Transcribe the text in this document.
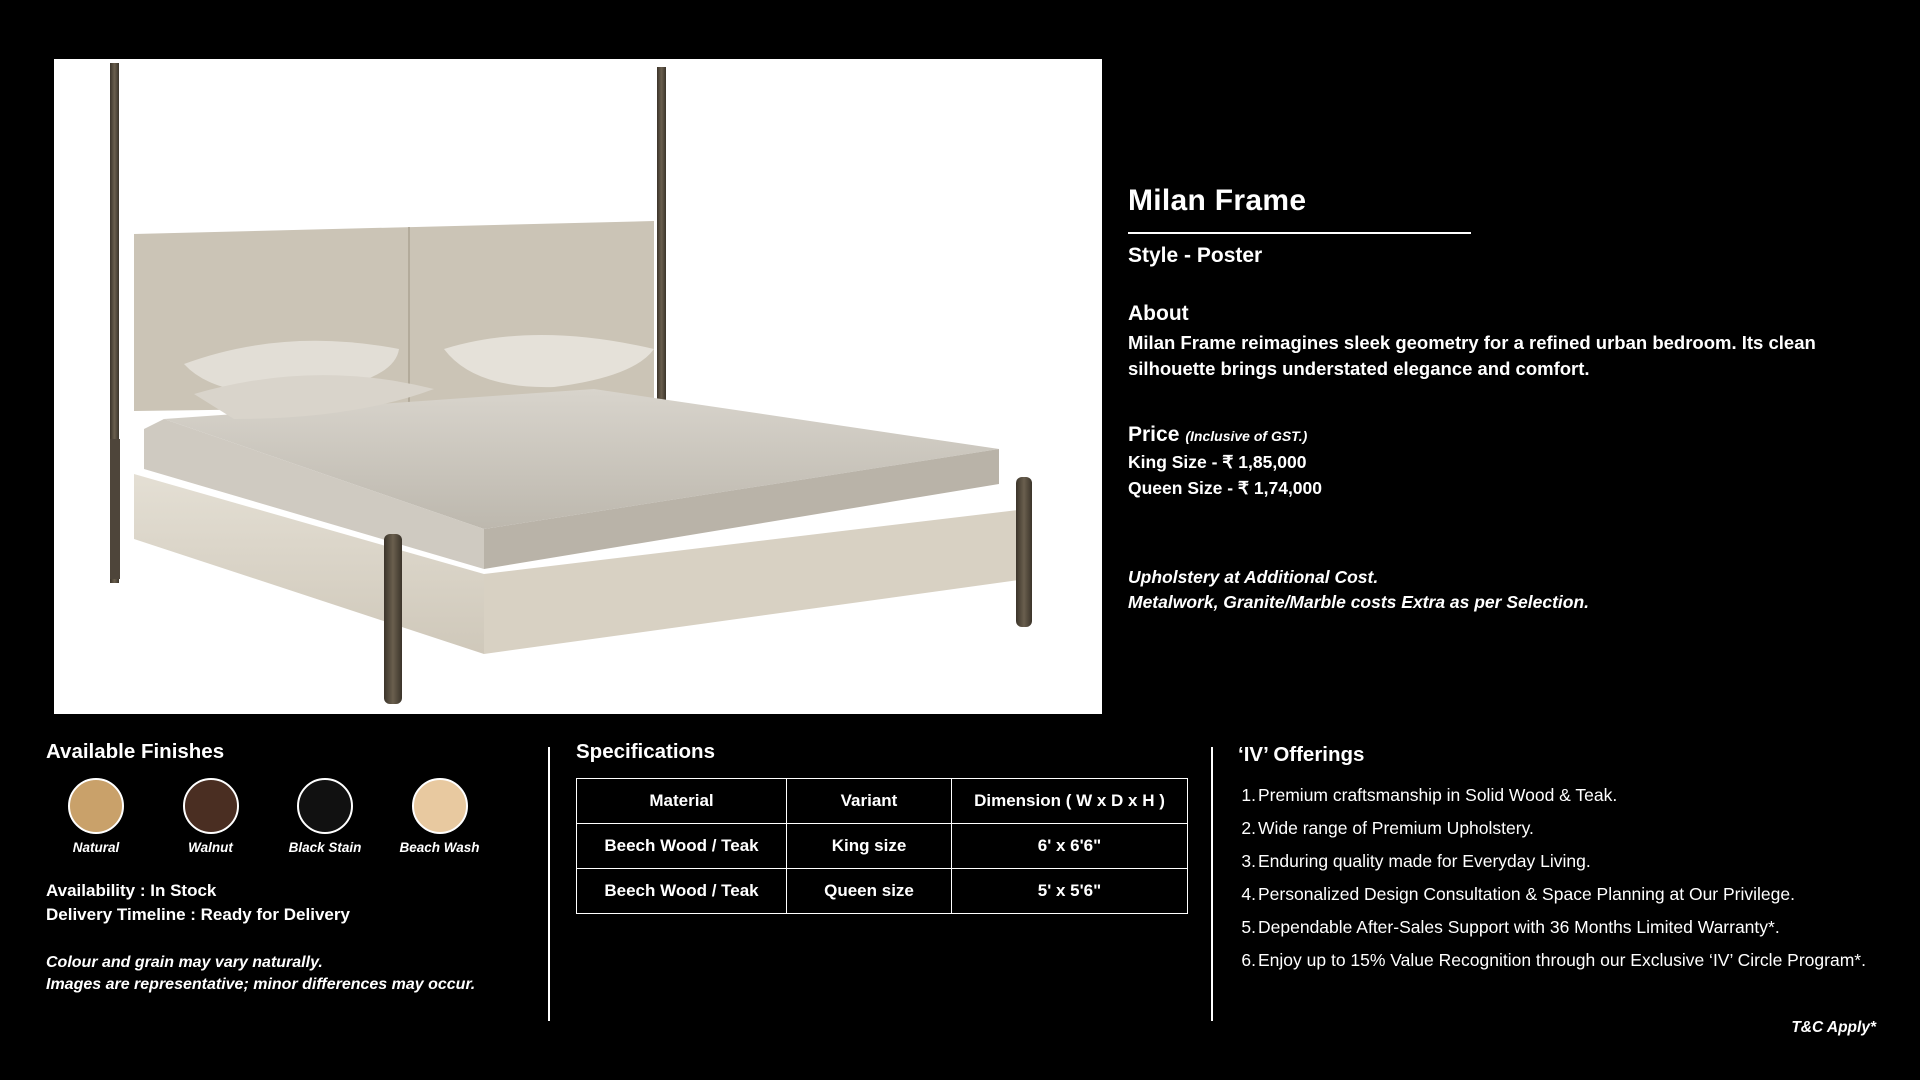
Milan Frame
Style - Poster
About
Milan Frame reimagines sleek geometry for a refined urban bedroom. Its clean silhouette brings understated elegance and comfort.
Price (Inclusive of GST.)
King Size - ₹ 1,85,000
Queen Size - ₹ 1,74,000
Upholstery at Additional Cost.
Metalwork, Granite/Marble costs Extra as per Selection.
Available Finishes
Natural	Walnut	Black Stain	Beach Wash
Availability : In Stock
Delivery Timeline : Ready for Delivery
Colour and grain may vary naturally.
Images are representative; minor differences may occur.
Specifications
Material	Variant	Dimension ( W x D x H )
Beech Wood / Teak	King size	6' x 6'6"
Beech Wood / Teak	Queen size	5' x 5'6"
‘IV’ Offerings
1. Premium craftsmanship in Solid Wood & Teak.
2. Wide range of Premium Upholstery.
3. Enduring quality made for Everyday Living.
4. Personalized Design Consultation & Space Planning at Our Privilege.
5. Dependable After-Sales Support with 36 Months Limited Warranty*.
6. Enjoy up to 15% Value Recognition through our Exclusive ‘IV’ Circle Program*.
T&C Apply*
